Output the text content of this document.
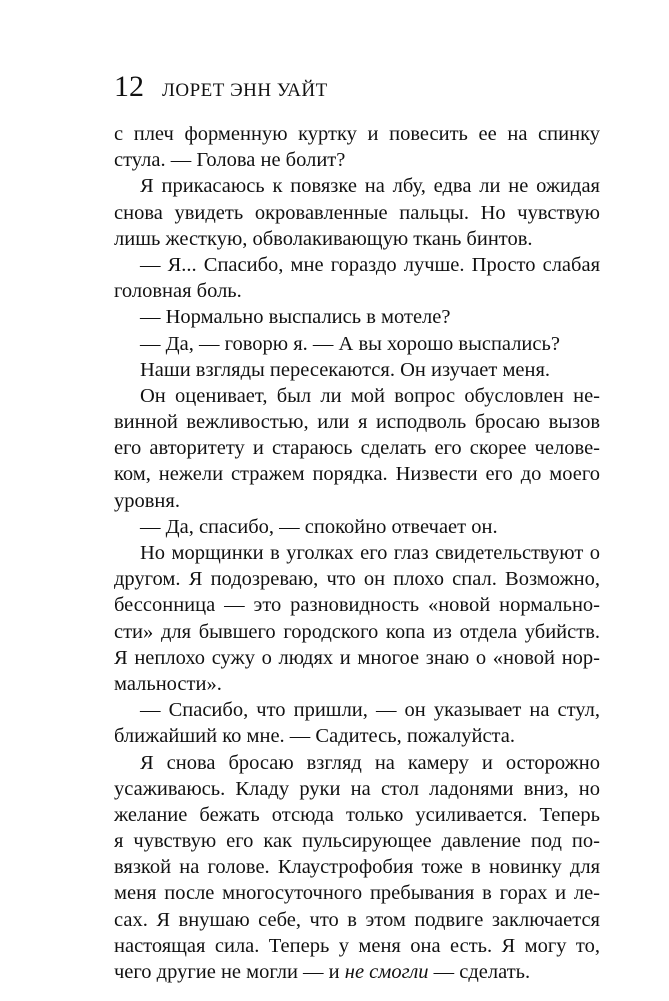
12 ЛОРЕТ ЭНН УАЙТ
с плеч форменную куртку и повесить ее на спинку
стула. — Голова не болит?
Я прикасаюсь к повязке на лбу, едва ли не ожидая
снова увидеть окровавленные пальцы. Но чувствую
лишь жесткую, обволакивающую ткань бинтов.
— Я... Спасибо, мне гораздо лучше. Просто слабая
головная боль.
— Нормально выспались в мотеле?
— Да, — говорю я. — А вы хорошо выспались?
Наши взгляды пересекаются. Он изучает меня.
Он оценивает, был ли мой вопрос обусловлен не-
винной вежливостью, или я исподволь бросаю вызов
его авторитету и стараюсь сделать его скорее челове-
ком, нежели стражем порядка. Низвести его до моего
уровня.
— Да, спасибо, — спокойно отвечает он.
Но морщинки в уголках его глаз свидетельствуют о
другом. Я подозреваю, что он плохо спал. Возможно,
бессонница — это разновидность «новой нормально-
сти» для бывшего городского копа из отдела убийств.
Я неплохо сужу о людях и многое знаю о «новой нор-
мальности».
— Спасибо, что пришли, — он указывает на стул,
ближайший ко мне. — Садитесь, пожалуйста.
Я снова бросаю взгляд на камеру и осторожно
усаживаюсь. Кладу руки на стол ладонями вниз, но
желание бежать отсюда только усиливается. Теперь
я чувствую его как пульсирующее давление под по-
вязкой на голове. Клаустрофобия тоже в новинку для
меня после многосуточного пребывания в горах и ле-
сах. Я внушаю себе, что в этом подвиге заключается
настоящая сила. Теперь у меня она есть. Я могу то,
чего другие не могли — и не смогли — сделать.
